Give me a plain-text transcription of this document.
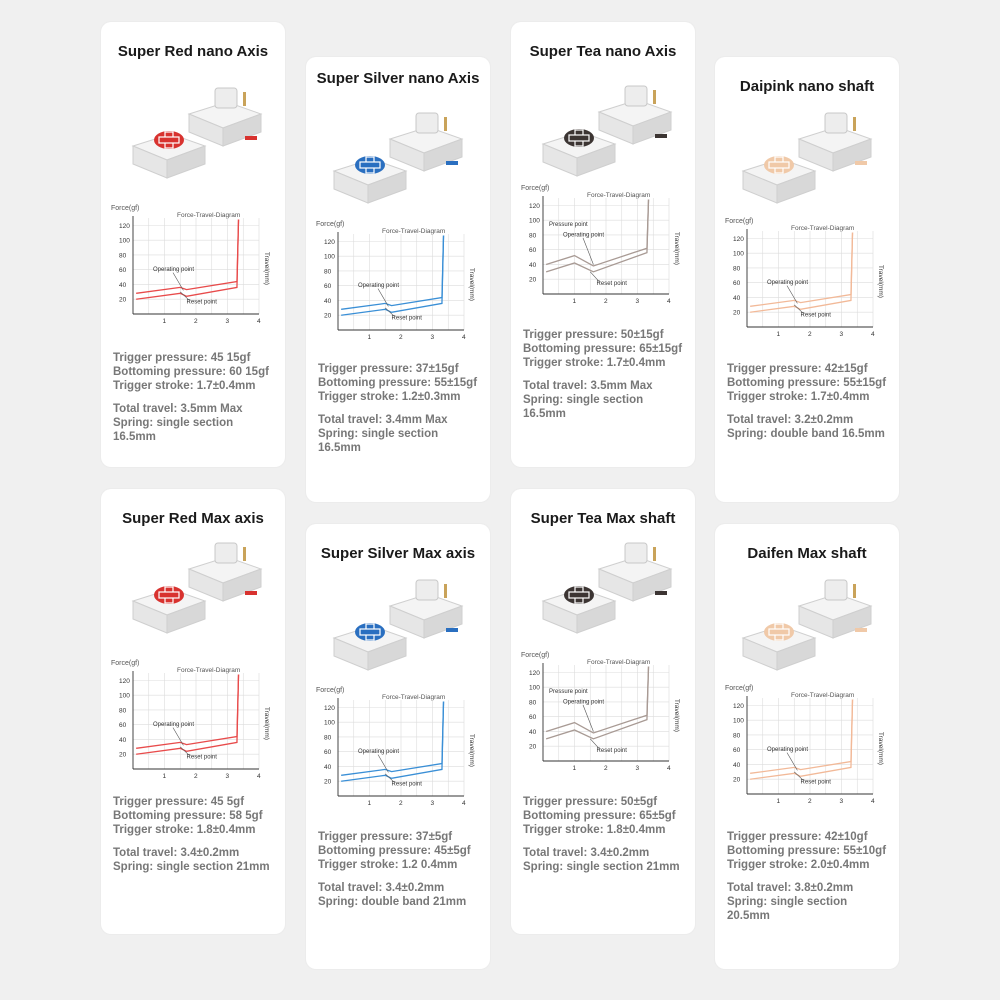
Super Red nano Axis
Force(gf)
Force-Travel-Diagram
120
100
80
60
40
20
1	2	3	4
Travel(mm)
Operating point
Reset point
Trigger pressure: 45 15gf
Bottoming pressure: 60 15gf
Trigger stroke: 1.7±0.4mm
Total travel: 3.5mm Max
Spring: single section 16.5mm
Super Silver nano Axis
Force(gf)
Force-Travel-Diagram
120
100
80
60
40
20
1	2	3	4
Travel(mm)
Operating point
Reset point
Trigger pressure: 37±15gf
Bottoming pressure: 55±15gf
Trigger stroke: 1.2±0.3mm
Total travel: 3.4mm Max
Spring: single section 16.5mm
Super Tea nano Axis
Force(gf)
Force-Travel-Diagram
120
100
80
60
40
20
1	2	3	4
Travel(mm)
Pressure point
Operating point
Reset point
Trigger pressure: 50±15gf
Bottoming pressure: 65±15gf
Trigger stroke: 1.7±0.4mm
Total travel: 3.5mm Max
Spring: single section 16.5mm
Daipink nano shaft
Force(gf)
Force-Travel-Diagram
120
100
80
60
40
20
1	2	3	4
Travel(mm)
Operating point
Reset point
Trigger pressure: 42±15gf
Bottoming pressure: 55±15gf
Trigger stroke: 1.7±0.4mm
Total travel: 3.2±0.2mm
Spring: double band 16.5mm
Super Red Max axis
Force(gf)
Force-Travel-Diagram
120
100
80
60
40
20
1	2	3	4
Travel(mm)
Operating point
Reset point
Trigger pressure: 45 5gf
Bottoming pressure: 58 5gf
Trigger stroke: 1.8±0.4mm
Total travel: 3.4±0.2mm
Spring: single section 21mm
Super Silver Max axis
Force(gf)
Force-Travel-Diagram
120
100
80
60
40
20
1	2	3	4
Travel(mm)
Operating point
Reset point
Trigger pressure: 37±5gf
Bottoming pressure: 45±5gf
Trigger stroke: 1.2 0.4mm
Total travel: 3.4±0.2mm
Spring: double band 21mm
Super Tea Max shaft
Force(gf)
Force-Travel-Diagram
120
100
80
60
40
20
1	2	3	4
Travel(mm)
Pressure point
Operating point
Reset point
Trigger pressure: 50±5gf
Bottoming pressure: 65±5gf
Trigger stroke: 1.8±0.4mm
Total travel: 3.4±0.2mm
Spring: single section 21mm
Daifen Max shaft
Force(gf)
Force-Travel-Diagram
120
100
80
60
40
20
1	2	3	4
Travel(mm)
Operating point
Reset point
Trigger pressure: 42±10gf
Bottoming pressure: 55±10gf
Trigger stroke: 2.0±0.4mm
Total travel: 3.8±0.2mm
Spring: single section 20.5mm
